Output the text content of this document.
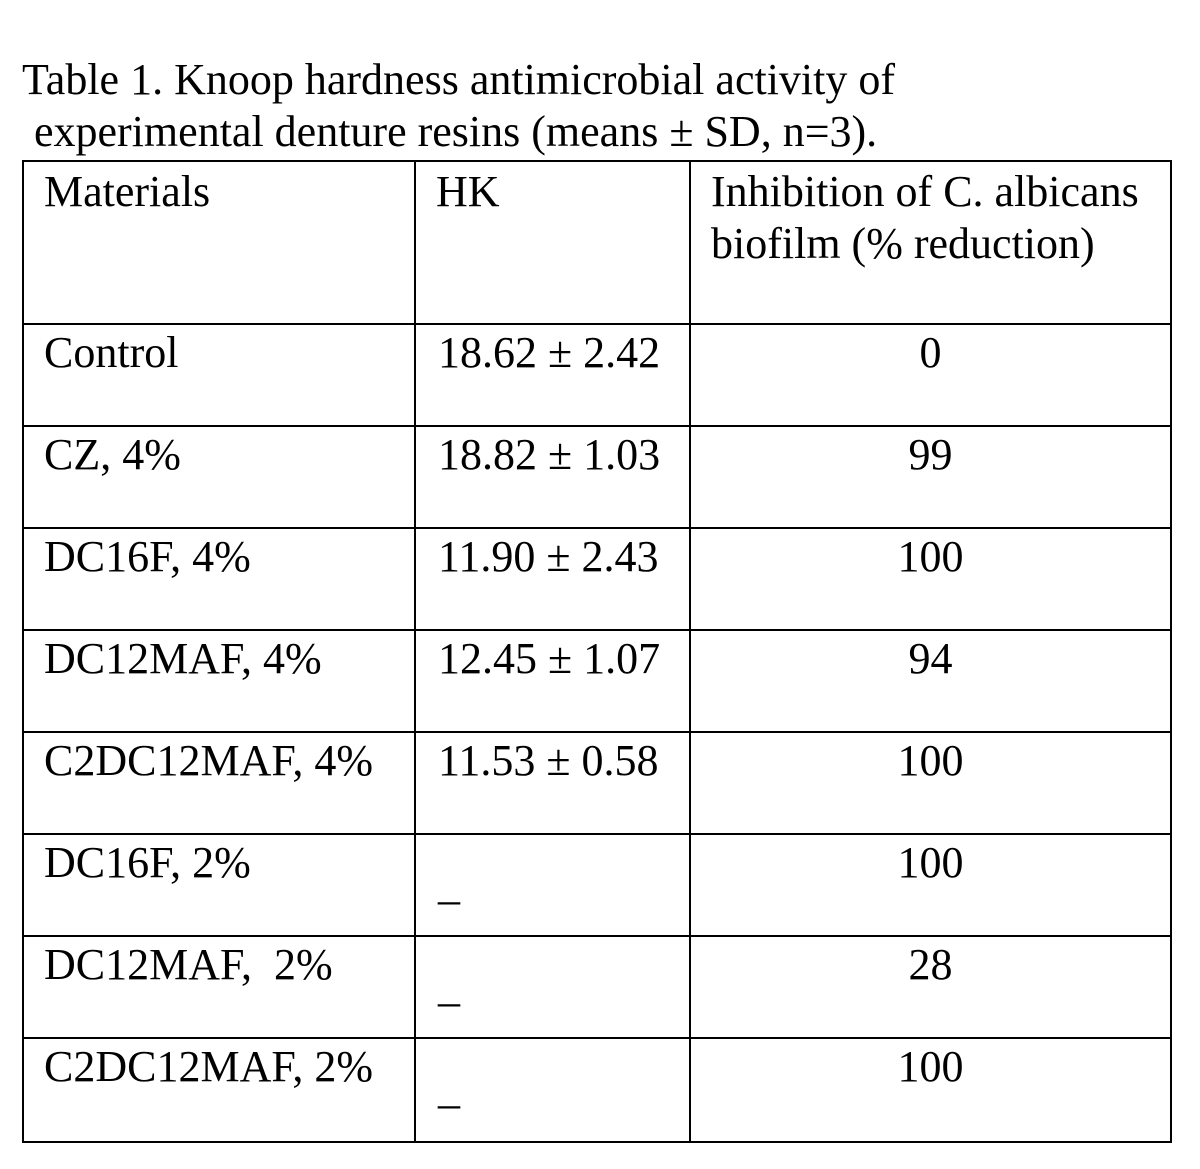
Table 1. Knoop hardness antimicrobial activity of
experimental denture resins (means ± SD, n=3).
Materials	HK	Inhibition of C. albicans biofilm (% reduction)
Control	18.62 ± 2.42	0
CZ, 4%	18.82 ± 1.03	99
DC16F, 4%	11.90 ± 2.43	100
DC12MAF, 4%	12.45 ± 1.07	94
C2DC12MAF, 4%	11.53 ± 0.58	100
DC16F, 2%	_	100
DC12MAF,  2%	_	28
C2DC12MAF, 2%	_	100
